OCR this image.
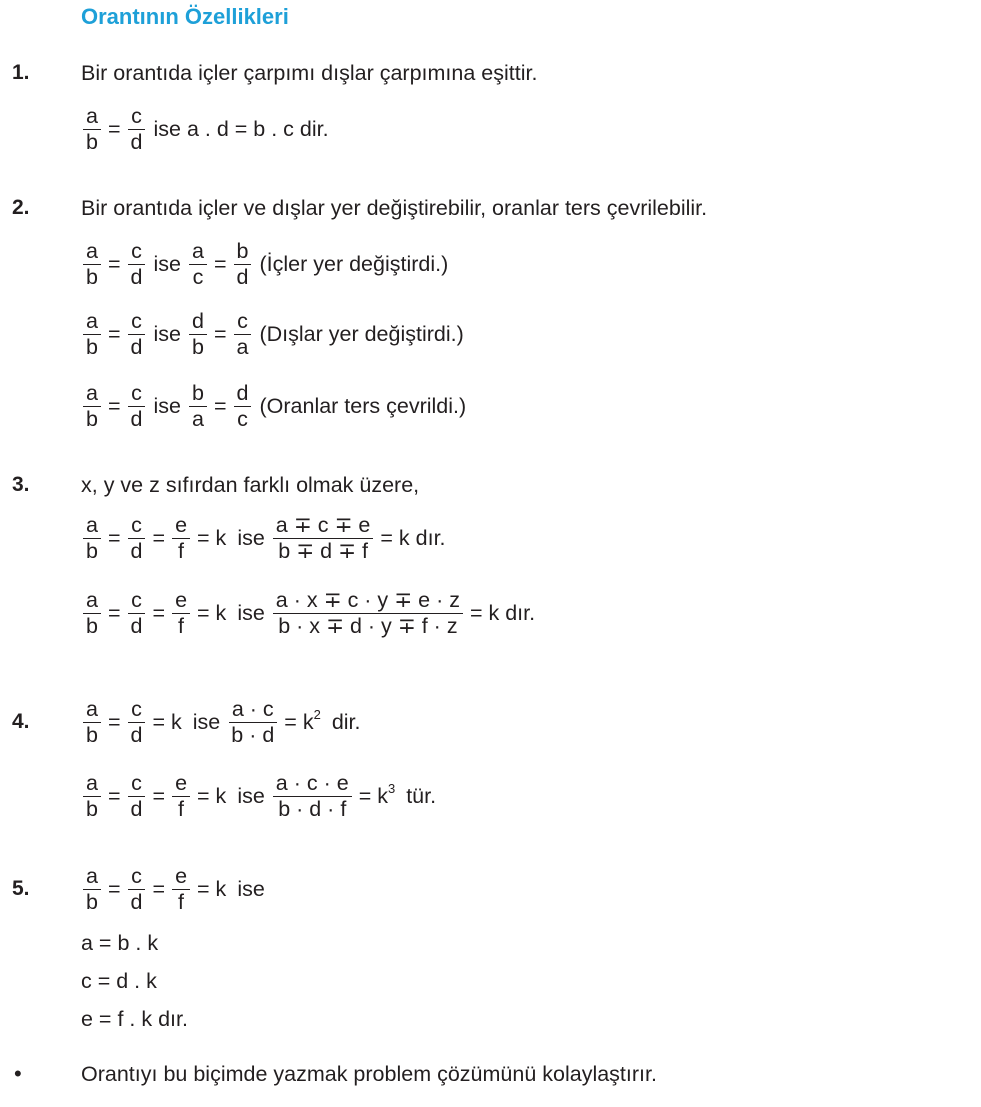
Orantının Özellikleri
1. Bir orantıda içler çarpımı dışlar çarpımına eşittir.
$\frac{a}{b} = \frac{c}{d}$ ise a . d = b . c dir.
2. Bir orantıda içler ve dışlar yer değiştirebilir, oranlar ters çevrilebilir.
$\frac{a}{b} = \frac{c}{d}$ ise $\frac{a}{c} = \frac{b}{d}$ (İçler yer değiştirdi.)
$\frac{a}{b} = \frac{c}{d}$ ise $\frac{d}{b} = \frac{c}{a}$ (Dışlar yer değiştirdi.)
$\frac{a}{b} = \frac{c}{d}$ ise $\frac{b}{a} = \frac{d}{c}$ (Oranlar ters çevrildi.)
3. x, y ve z sıfırdan farklı olmak üzere,
$\frac{a}{b} = \frac{c}{d} = \frac{e}{f} = k$ ise $\frac{a \mp c \mp e}{b \mp d \mp f} = k$ dır.
$\frac{a}{b} = \frac{c}{d} = \frac{e}{f} = k$ ise $\frac{a \cdot x \mp c \cdot y \mp e \cdot z}{b \cdot x \mp d \cdot y \mp f \cdot z} = k$ dır.
4. $\frac{a}{b} = \frac{c}{d} = k$ ise $\frac{a \cdot c}{b \cdot d} = k^2$ dir.
$\frac{a}{b} = \frac{c}{d} = \frac{e}{f} = k$ ise $\frac{a \cdot c \cdot e}{b \cdot d \cdot f} = k^3$ tür.
5. $\frac{a}{b} = \frac{c}{d} = \frac{e}{f} = k$ ise
a = b . k
c = d . k
e = f . k dır.
•	Orantıyı bu biçimde yazmak problem çözümünü kolaylaştırır.
